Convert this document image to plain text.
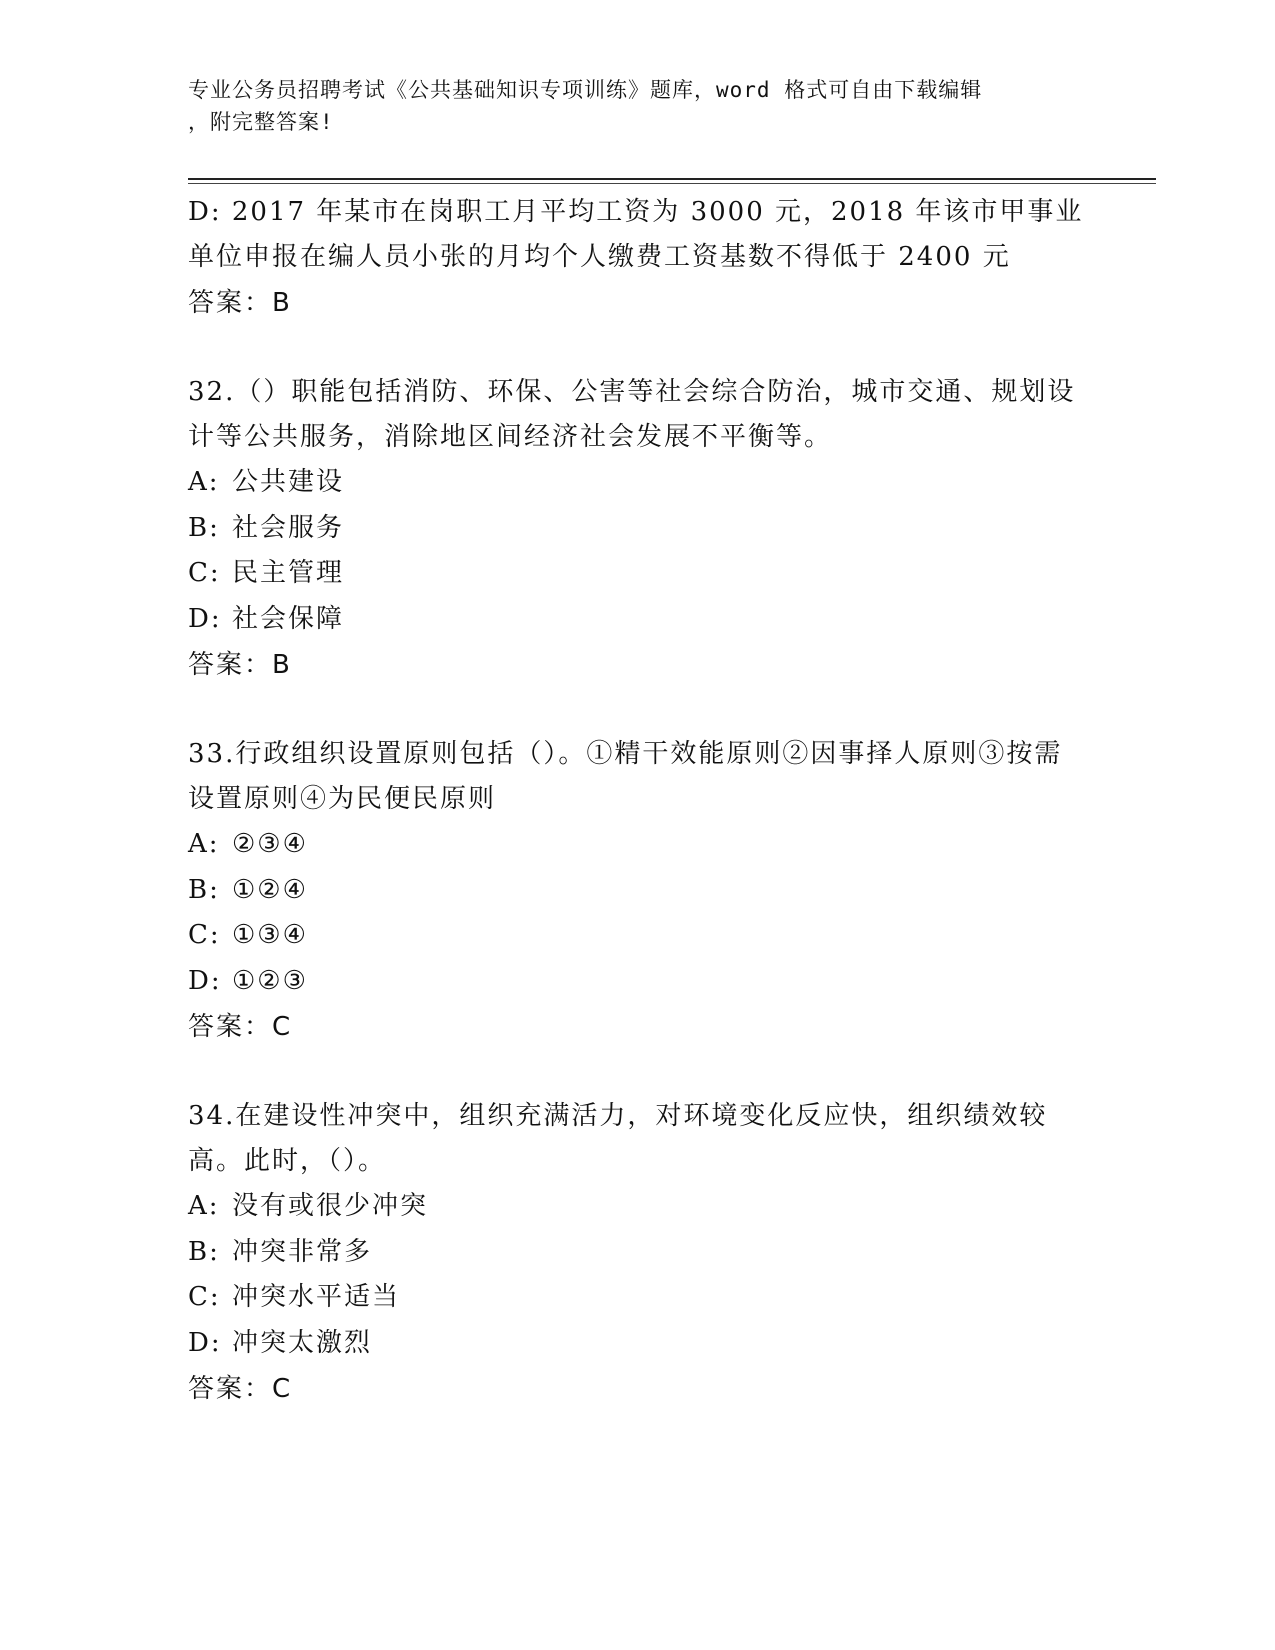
专业公务员招聘考试《公共基础知识专项训练》题库，word 格式可自由下载编辑
，附完整答案!

D: 2017 年某市在岗职工月平均工资为 3000 元，2018 年该市甲事业单位申报在编人员小张的月均个人缴费工资基数不得低于 2400 元

答案：B

32.（）职能包括消防、环保、公害等社会综合防治，城市交通、规划设计等公共服务，消除地区间经济社会发展不平衡等。

A: 公共建设

B: 社会服务

C: 民主管理

D: 社会保障

答案：B

33.行政组织设置原则包括（）。①精干效能原则②因事择人原则③按需设置原则④为民便民原则

A: ②③④

B: ①②④

C: ①③④

D: ①②③

答案：C

34.在建设性冲突中，组织充满活力，对环境变化反应快，组织绩效较高。此时，（）。

A: 没有或很少冲突

B: 冲突非常多

C: 冲突水平适当

D: 冲突太激烈

答案：C
